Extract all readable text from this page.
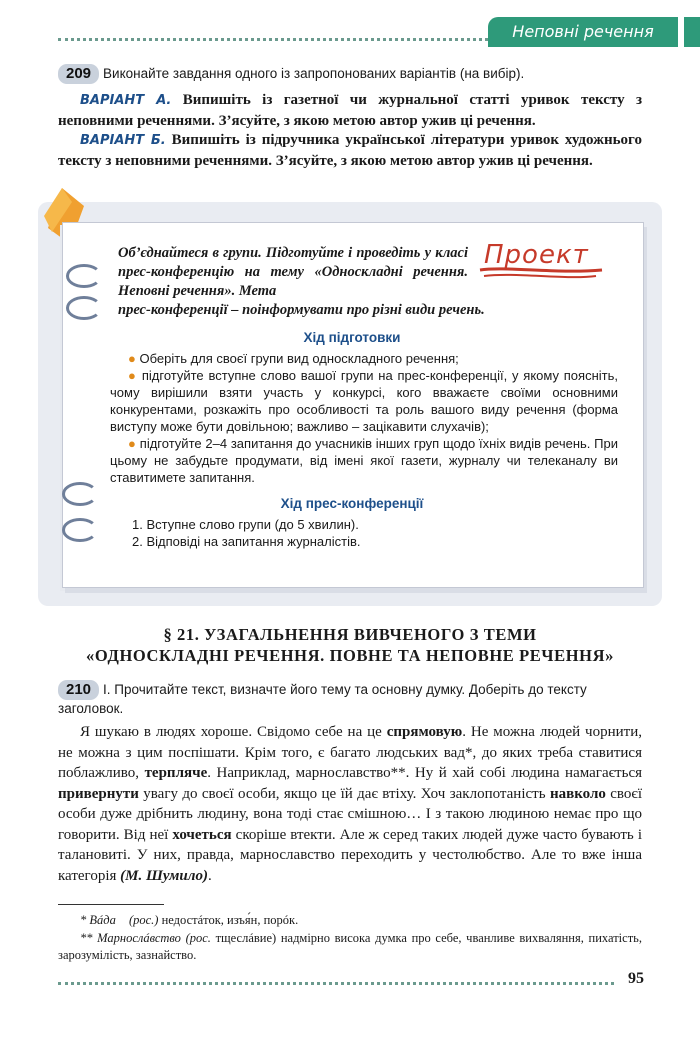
Неповні речення
209 Виконайте завдання одного із запропонованих варіантів (на вибір).
ВАРІАНТ А. Випишіть із газетної чи журнальної статті уривок тексту з неповними реченнями. З’ясуйте, з якою метою автор ужив ці речення.
ВАРІАНТ Б. Випишіть із підручника української літератури уривок художнього тексту з неповними реченнями. З’ясуйте, з якою метою автор ужив ці речення.
Об’єднайтеся в групи. Підготуйте і проведіть у класі прес-конференцію на тему «Односкладні речення. Неповні речення». Мета
прес-конференції – поінформувати про різні види речень.
Проект
Хід підготовки
● Оберіть для своєї групи вид односкладного речення;
● підготуйте вступне слово вашої групи на прес-конференції, у якому поясніть, чому вирішили взяти участь у конкурсі, кого вважаєте своїми основними конкурентами, розкажіть про особливості та роль вашого виду речення (форма виступу може бути довільною; важливо – зацікавити слухачів);
● підготуйте 2–4 запитання до учасників інших груп щодо їхніх видів речень. При цьому не забудьте продумати, від імені якої газети, журналу чи телеканалу ви ставитимете запитання.
Хід прес-конференції
1. Вступне слово групи (до 5 хвилин).
2. Відповіді на запитання журналістів.
§ 21. УЗАГАЛЬНЕННЯ ВИВЧЕНОГО З ТЕМИ
«ОДНОСКЛАДНІ РЕЧЕННЯ. ПОВНЕ ТА НЕПОВНЕ РЕЧЕННЯ»
210 I. Прочитайте текст, визначте його тему та основну думку. Доберіть до тексту заголовок.
Я шукаю в людях хороше. Свідомо себе на це спрямовую. Не можна людей чорнити, не можна з цим поспішати. Крім того, є багато людських вад*, до яких треба ставитися поблажливо, терпляче. Наприклад, марнославство**. Ну й хай собі людина намагається привернути увагу до своєї особи, якщо це їй дає втіху. Хоч заклопотаність навколо своєї особи дуже дрібнить людину, вона тоді стає смішною… І з такою людиною немає про що говорити. Від неї хочеться скоріше втекти. Але ж серед таких людей дуже часто бувають і талановиті. У них, правда, марнославство переходить у честолюбство. Але то вже інша категорія (М. Шумило).
* Вáда (рос.) недостáток, изъя́н, порóк.
** Марнослáвство (рос. тщеслáвие) надмірно висока думка про себе, чванливе вихваляння, пихатість, зарозумілість, зазнайство.
95
